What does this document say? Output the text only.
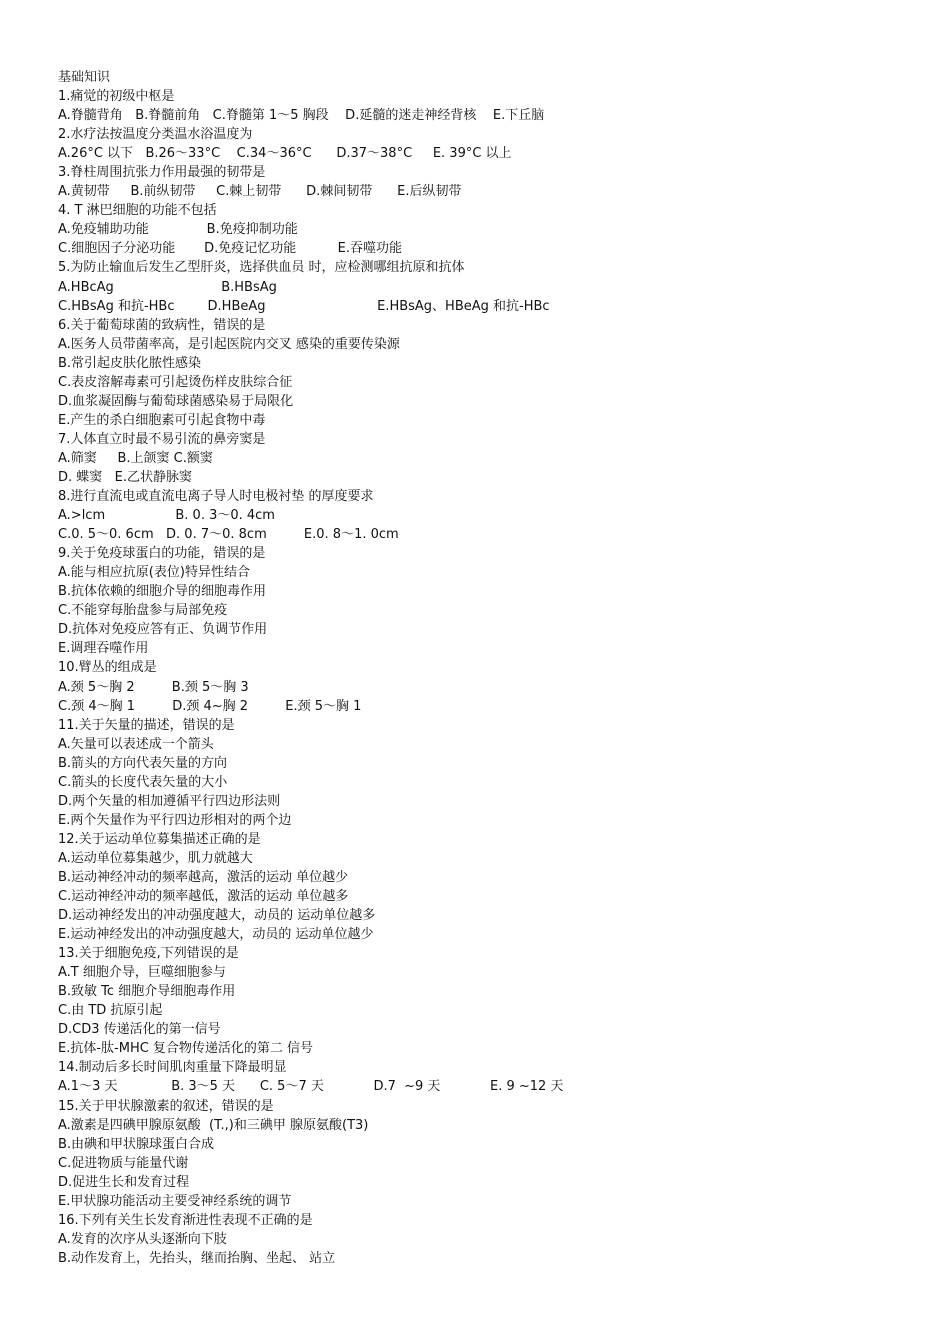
基础知识
1.痛觉的初级中枢是
A.脊髓背角   B.脊髓前角   C.脊髓第 1～5 胸段    D.延髓的迷走神经背核    E.下丘脑
2.水疗法按温度分类温水浴温度为
A.26°C 以下   B.26～33°C    C.34～36°C      D.37～38°C     E. 39°C 以上
3.脊柱周围抗张力作用最强的韧带是
A.黄韧带     B.前纵韧带     C.棘上韧带      D.棘间韧带      E.后纵韧带
4. T 淋巴细胞的功能不包括
A.免疫辅助功能              B.免疫抑制功能
C.细胞因子分泌功能       D.免疫记忆功能          E.吞噬功能
5.为防止输血后发生乙型肝炎，选择供血员 时，应检测哪组抗原和抗体
A.HBcAg                          B.HBsAg
C.HBsAg 和抗-HBc        D.HBeAg                           E.HBsAg、HBeAg 和抗-HBc
6.关于葡萄球菌的致病性，错误的是
A.医务人员带菌率高，是引起医院内交叉 感染的重要传染源
B.常引起皮肤化脓性感染
C.表皮溶解毒素可引起烫伤样皮肤综合征
D.血浆凝固酶与葡萄球菌感染易于局限化
E.产生的杀白细胞素可引起食物中毒
7.人体直立时最不易引流的鼻旁窦是
A.筛窦     B.上颌窦 C.额窦
D. 蝶窦   E.乙状静脉窦
8.进行直流电或直流电离子导人时电极衬垫 的厚度要求
A.>lcm                 B. 0. 3～0. 4cm
C.0. 5～0. 6cm   D. 0. 7～0. 8cm         E.0. 8～1. 0cm
9.关于免疫球蛋白的功能，错误的是
A.能与相应抗原(表位)特异性结合
B.抗体依赖的细胞介导的细胞毒作用
C.不能穿每胎盘参与局部免疫
D.抗体对免疫应答有正、负调节作用
E.调理吞噬作用
10.臂丛的组成是
A.颈 5～胸 2         B.颈 5～胸 3
C.颈 4～胸 1         D.颈 4~胸 2         E.颈 5～胸 1
11.关于矢量的描述，错误的是
A.矢量可以表述成一个箭头
B.箭头的方向代表矢量的方向
C.箭头的长度代表矢量的大小
D.两个矢量的相加遵循平行四边形法则
E.两个矢量作为平行四边形相对的两个边
12.关于运动单位募集描述正确的是
A.运动单位募集越少，肌力就越大
B.运动神经冲动的频率越高，激活的运动 单位越少
C.运动神经冲动的频率越低，激活的运动 单位越多
D.运动神经发出的冲动强度越大，动员的 运动单位越多
E.运动神经发出的冲动强度越大，动员的 运动单位越少
13.关于细胞免疫,下列错误的是
A.T 细胞介导，巨噬细胞参与
B.致敏 Tc 细胞介导细胞毒作用
C.由 TD 抗原引起
D.CD3 传递活化的第一信号
E.抗体-肽-MHC 复合物传递活化的第二 信号
14.制动后多长时间肌肉重量下降最明显
A.1～3 天             B. 3～5 天      C. 5～7 天            D.7  ~9 天            E. 9 ~12 天
15.关于甲状腺激素的叙述，错误的是
A.激素是四碘甲腺原氨酸  (T.,)和三碘甲 腺原氨酸(T3)
B.由碘和甲状腺球蛋白合成
C.促进物质与能量代谢
D.促进生长和发育过程
E.甲状腺功能活动主要受神经系统的调节
16.下列有关生长发育渐进性表现不正确的是
A.发育的次序从头逐渐向下肢
B.动作发育上，先抬头，继而抬胸、坐起、 站立
